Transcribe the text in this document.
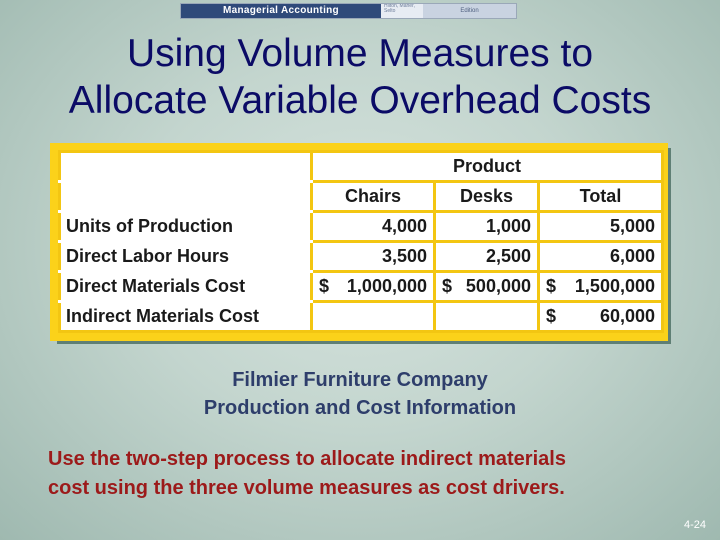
Managerial Accounting	Hilton, Maher, Selto	Edition
Using Volume Measures to
Allocate Variable Overhead Costs
	Product		
	Chairs	Desks	Total
Units of Production	4,000	1,000	5,000
Direct Labor Hours	3,500	2,500	6,000
Direct Materials Cost	$ 1,000,000	$ 500,000	$ 1,500,000

Indirect Materials Cost			$ 60,000
Filmier Furniture Company
Production and Cost Information
Use the two-step process to allocate indirect materials
cost using the three volume measures as cost drivers.
4-24
